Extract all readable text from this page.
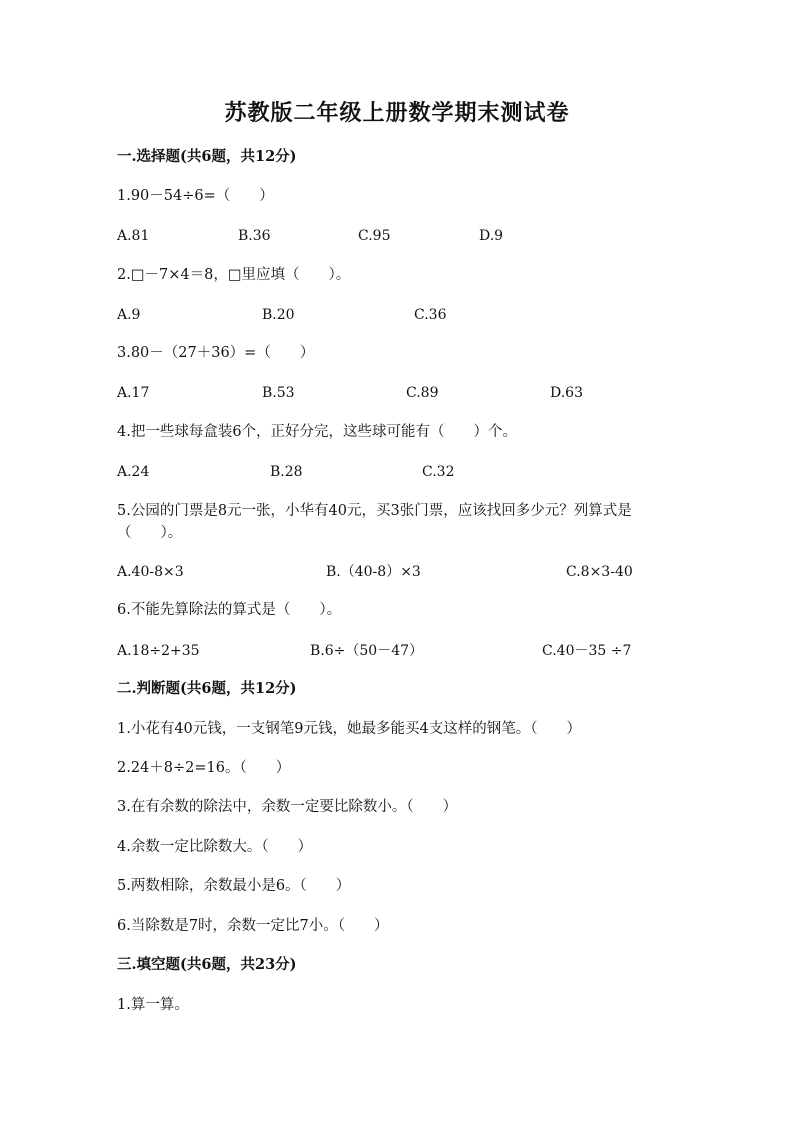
苏教版二年级上册数学期末测试卷
一.选择题(共6题，共12分)
1.90－54÷6=（　　）
A.81	B.36	C.95	D.9
2.□－7×4＝8，□里应填（　　）。
A.9	B.20	C.36
3.80－（27＋36）=（　　）
A.17	B.53	C.89	D.63
4.把一些球每盒装6个，正好分完，这些球可能有（　　）个。
A.24	B.28	C.32
5.公园的门票是8元一张，小华有40元，买3张门票，应该找回多少元？列算式是（　　）。
A.40-8×3	B.（40-8）×3	C.8×3-40
6.不能先算除法的算式是（　　）。
A.18÷2+35	B.6÷（50－47）	C.40－35 ÷7
二.判断题(共6题，共12分)
1.小花有40元钱，一支钢笔9元钱，她最多能买4支这样的钢笔。（　　）
2.24＋8÷2=16。（　　）
3.在有余数的除法中，余数一定要比除数小。（　　）
4.余数一定比除数大。（　　）
5.两数相除，余数最小是6。（　　）
6.当除数是7时，余数一定比7小。（　　）
三.填空题(共6题，共23分)
1.算一算。
